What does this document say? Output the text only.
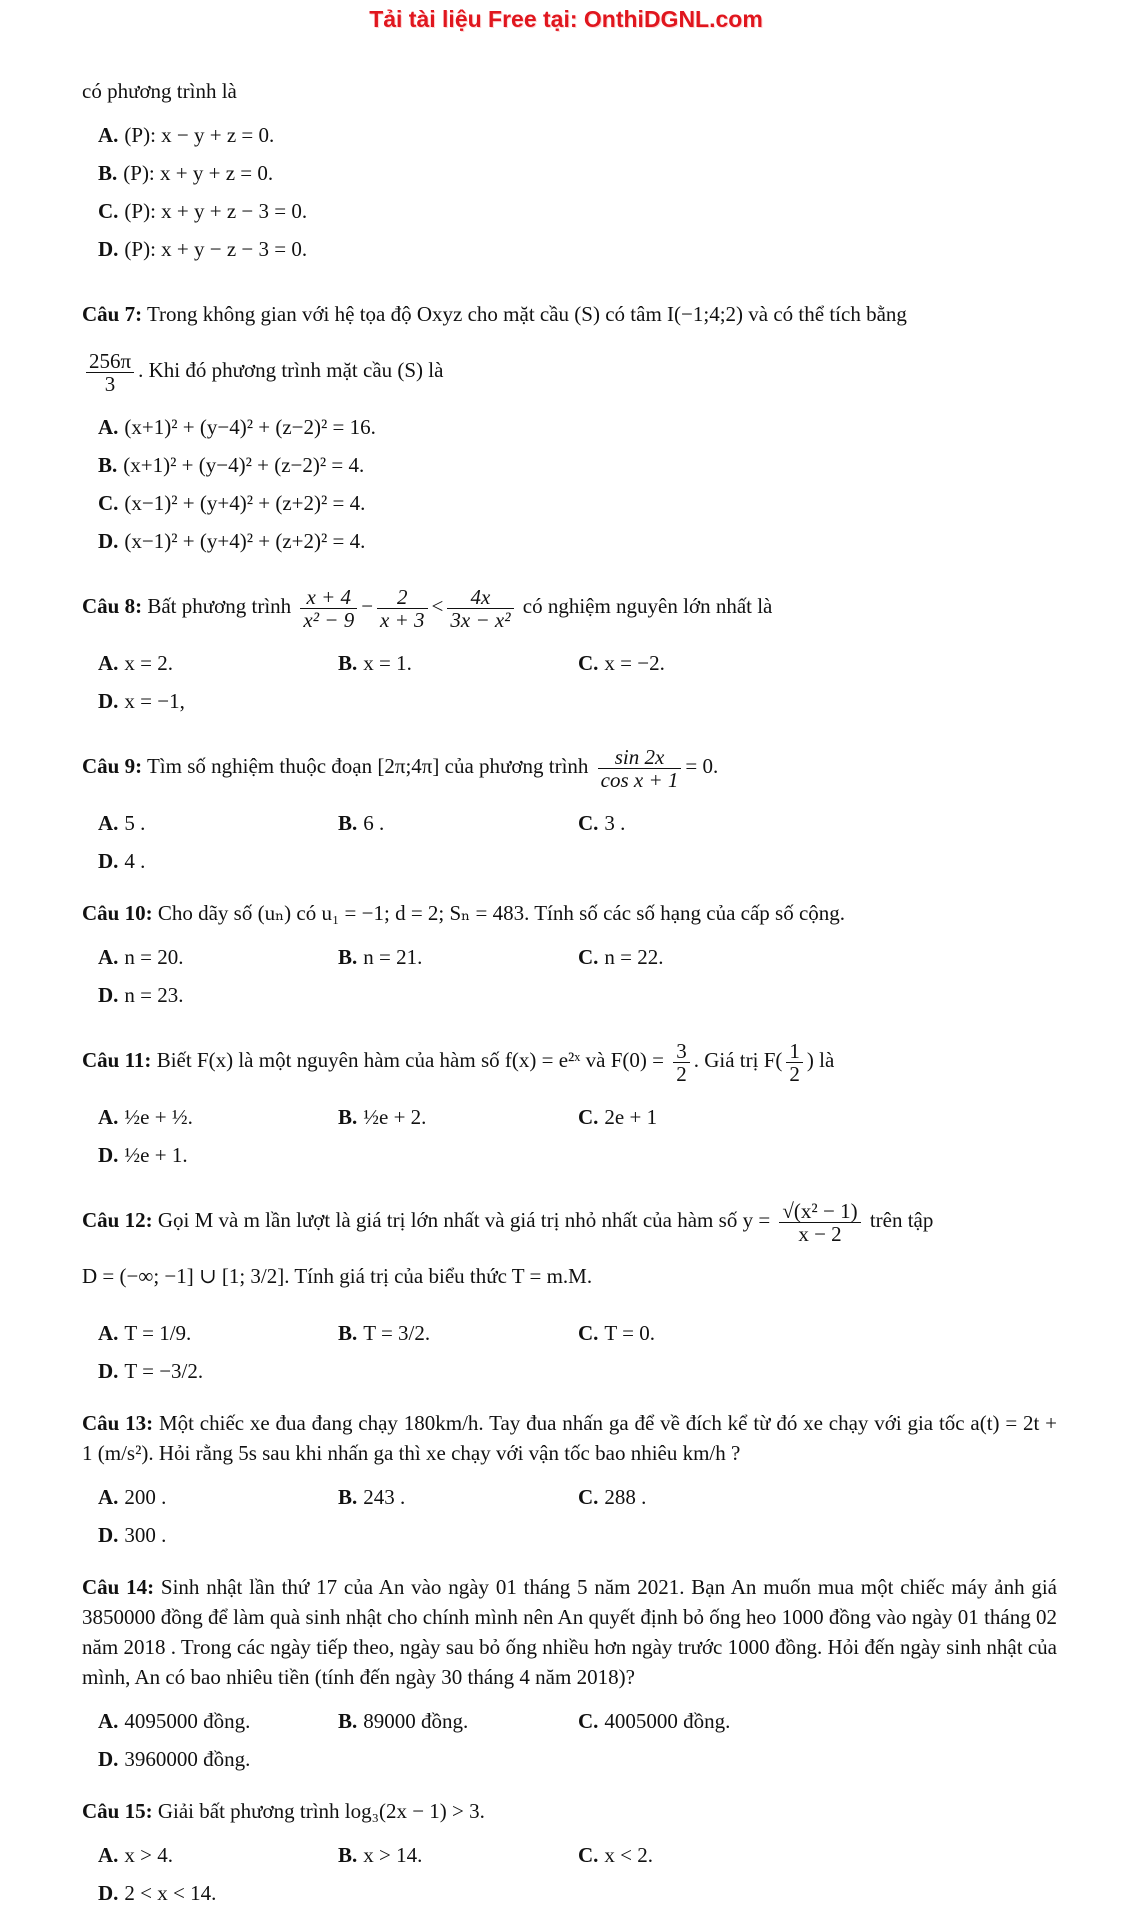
Tải tài liệu Free tại: OnthiDGNL.com

có phương trình là

A. (P): x − y + z = 0.
B. (P): x + y + z = 0.
C. (P): x + y + z − 3 = 0.
D. (P): x + y − z − 3 = 0.

Câu 7: Trong không gian với hệ tọa độ Oxyz cho mặt cầu (S) có tâm I(−1;4;2) và có thể tích bằng

$\frac{256\pi}{3}$ . Khi đó phương trình mặt cầu (S) là

A. (x+1)² + (y−4)² + (z−2)² = 16.
B. (x+1)² + (y−4)² + (z−2)² = 4.
C. (x−1)² + (y+4)² + (z+2)² = 4.
D. (x−1)² + (y+4)² + (z+2)² = 4.

Câu 8: Bất phương trình $\frac{x + 4}{\text{x² − 9}} - \frac{2}{x + 3} < \frac{4x}{\text{3x − x²}}$ có nghiệm nguyên lớn nhất là

A. x = 2.	B. x = 1.	C. x = −2.
D. x = −1,

Câu 9: Tìm số nghiệm thuộc đoạn [2π;4π] của phương trình $\frac{\sin 2x}{\text{cos x + 1}} = 0$.

A. 5 .	B. 6 .	C. 3 .
D. 4 .

Câu 10: Cho dãy số (uₙ) có u₁ = −1; d = 2; Sₙ = 483. Tính số các số hạng của cấp số cộng.

A. n = 20.	B. n = 21.	C. n = 22.
D. n = 23.

Câu 11: Biết F(x) là một nguyên hàm của hàm số f(x) = e²ˣ và $F(0) = \frac{3}{2}$ . Giá trị $F( \frac{1}{2}$ ) là

A. ½e + ½.	B. ½e + 2.	C. 2e + 1
D. ½e + 1.

Câu 12: Gọi M và m lần lượt là giá trị lớn nhất và giá trị nhỏ nhất của hàm số $y = \frac{\text{√(x² − 1)}}{x - 2}$ trên tập
D = (−∞; −1] ∪ [1; 3/2]. Tính giá trị của biểu thức T = m.M.

A. T = 1/9.	B. T = 3/2.	C. T = 0.
D. T = −3/2.

Câu 13: Một chiếc xe đua đang chạy 180km/h. Tay đua nhấn ga để về đích kể từ đó xe chạy với gia tốc a(t) = 2t + 1 (m/s²). Hỏi rằng 5s sau khi nhấn ga thì xe chạy với vận tốc bao nhiêu km/h ?

A. 200 .	B. 243 .	C. 288 .
D. 300 .

Câu 14: Sinh nhật lần thứ 17 của An vào ngày 01 tháng 5 năm 2021. Bạn An muốn mua một chiếc máy ảnh giá 3850000 đồng để làm quà sinh nhật cho chính mình nên An quyết định bỏ ống heo 1000 đồng vào ngày 01 tháng 02 năm 2018 . Trong các ngày tiếp theo, ngày sau bỏ ống nhiều hơn ngày trước 1000 đồng. Hỏi đến ngày sinh nhật của mình, An có bao nhiêu tiền (tính đến ngày 30 tháng 4 năm 2018)?

A. 4095000 đồng.	B. 89000 đồng.	C. 4005000 đồng.
D. 3960000 đồng.

Câu 15: Giải bất phương trình log₃(2x − 1) > 3.

A. x > 4.	B. x > 14.	C. x < 2.
D. 2 < x < 14.
